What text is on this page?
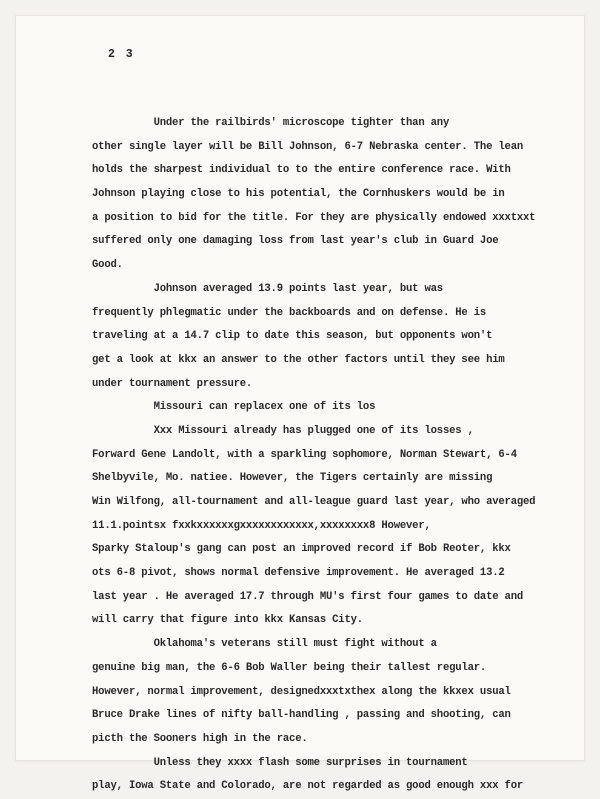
2 3
Under the railbirds' microscope tighter than any
other single layer will be Bill Johnson, 6-7 Nebraska center. The lean
holds the sharpest individual to to the entire conference race. With
Johnson playing close to his potential, the Cornhuskers would be in
a position to bid for the title. For they are physically endowed xxxtxxt
suffered only one damaging loss from last year's club in Guard Joe
Good.
Johnson averaged 13.9 points last year, but was
frequently phlegmatic under the backboards and on defense. He is
traveling at a 14.7 clip to date this season, but opponents won't
get a look at kkx an answer to the other factors until they see him
under tournament pressure.
Missouri can replacex one of its los
Xxx Missouri already has plugged one of its losses ,
Forward Gene Landolt, with a sparkling sophomore, Norman Stewart, 6-4
Shelbyvile, Mo. natiee. However, the Tigers certainly are missing
Win Wilfong, all-tournament and all-league guard last year, who averaged
11.1.pointsx fxxkxxxxxxgxxxxxxxxxxxx,xxxxxxxx8 However,
Sparky Staloup's gang can post an improved record if Bob Reoter, kkx
ots 6-8 pivot, shows normal defensive improvement. He averaged 13.2
last year . He averaged 17.7 through MU's first four games to date and
will carry that figure into kkx Kansas City.
Oklahoma's veterans still must fight without a
genuine big man, the 6-6 Bob Waller being their tallest regular.
However, normal improvement, designedxxxtxthex along the kkxex usual
Bruce Drake lines of nifty ball-handling , passing and shooting, can
picth the Sooners high in the race.
Unless they xxxx flash some surprises in tournament
play, Iowa State and Colorado, are not regarded as good enough xxx for
